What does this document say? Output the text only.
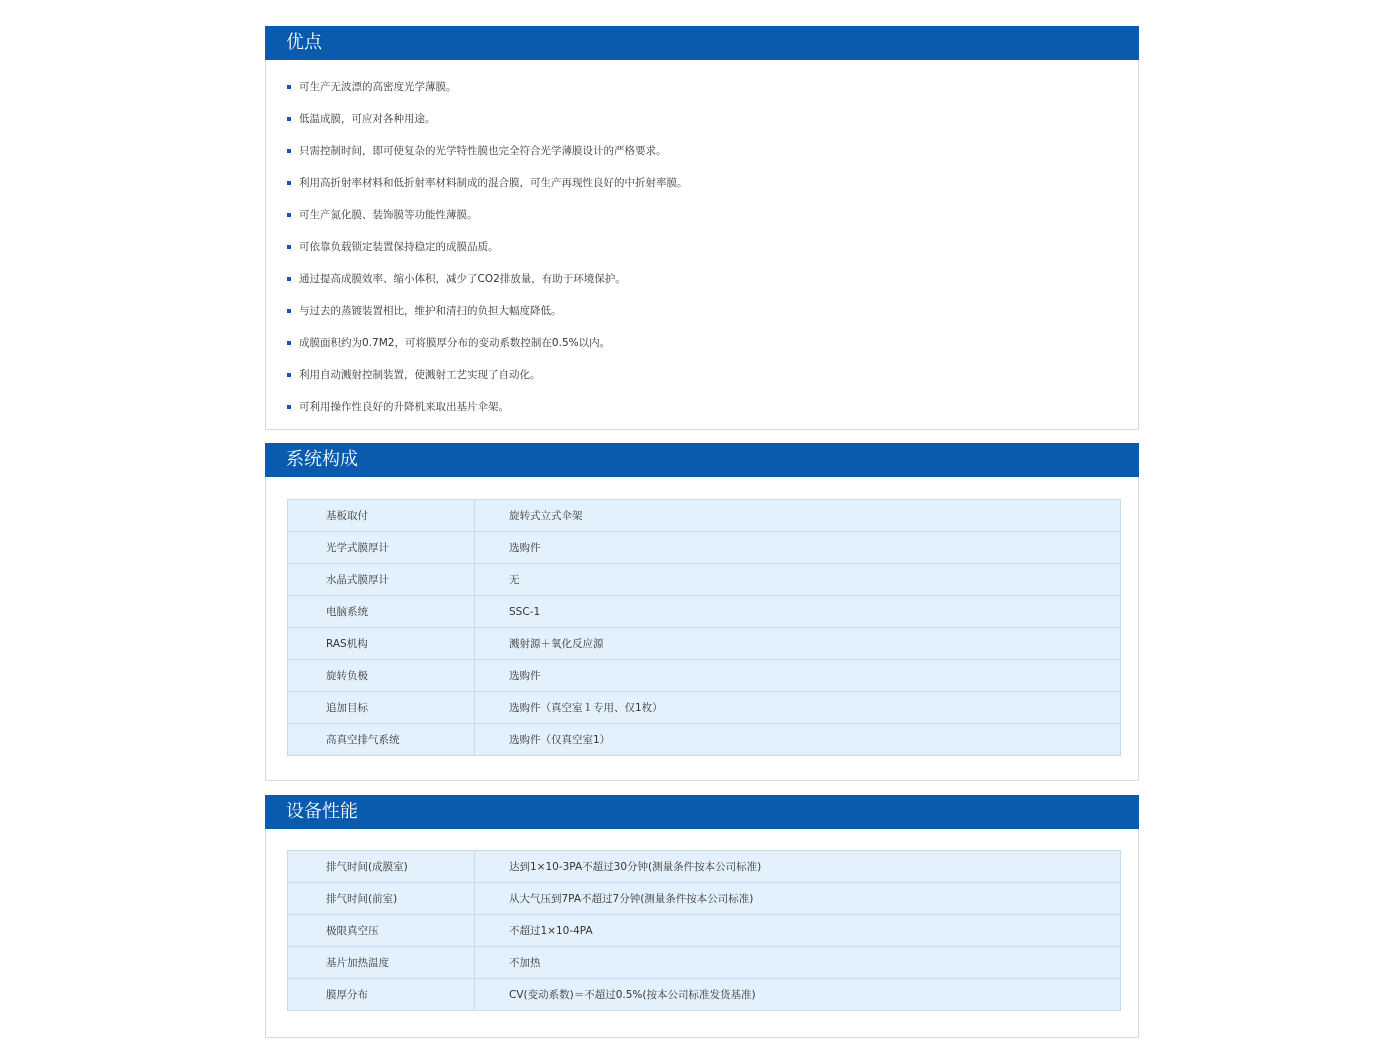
优点
可生产无波漂的高密度光学薄膜。
低温成膜，可应对各种用途。
只需控制时间，即可使复杂的光学特性膜也完全符合光学薄膜设计的严格要求。
利用高折射率材料和低折射率材料制成的混合膜，可生产再现性良好的中折射率膜。
可生产氮化膜、装饰膜等功能性薄膜。
可依靠负载锁定装置保持稳定的成膜品质。
通过提高成膜效率、缩小体积，减少了CO2排放量，有助于环境保护。
与过去的蒸镀装置相比，维护和清扫的负担大幅度降低。
成膜面积约为0.7M2，可将膜厚分布的变动系数控制在0.5%以内。
利用自动溅射控制装置，使溅射工艺实现了自动化。
可利用操作性良好的升降机来取出基片伞架。
系统构成
基板取付	旋转式立式伞架
光学式膜厚计	选购件
水晶式膜厚计	无
电脑系统	SSC-1
RAS机构	溅射源＋氧化反应源
旋转负极	选购件
追加目标	选购件（真空室１专用、仅1枚）
高真空排气系统	选购件（仅真空室1）
设备性能
排气时间(成膜室)	达到1×10-3PA不超过30分钟(测量条件按本公司标准)
排气时间(前室)	从大气压到7PA不超过7分钟(测量条件按本公司标准)
极限真空压	不超过1×10-4PA
基片加热温度	不加热
膜厚分布	CV(变动系数)＝不超过0.5%(按本公司标准发货基准)
